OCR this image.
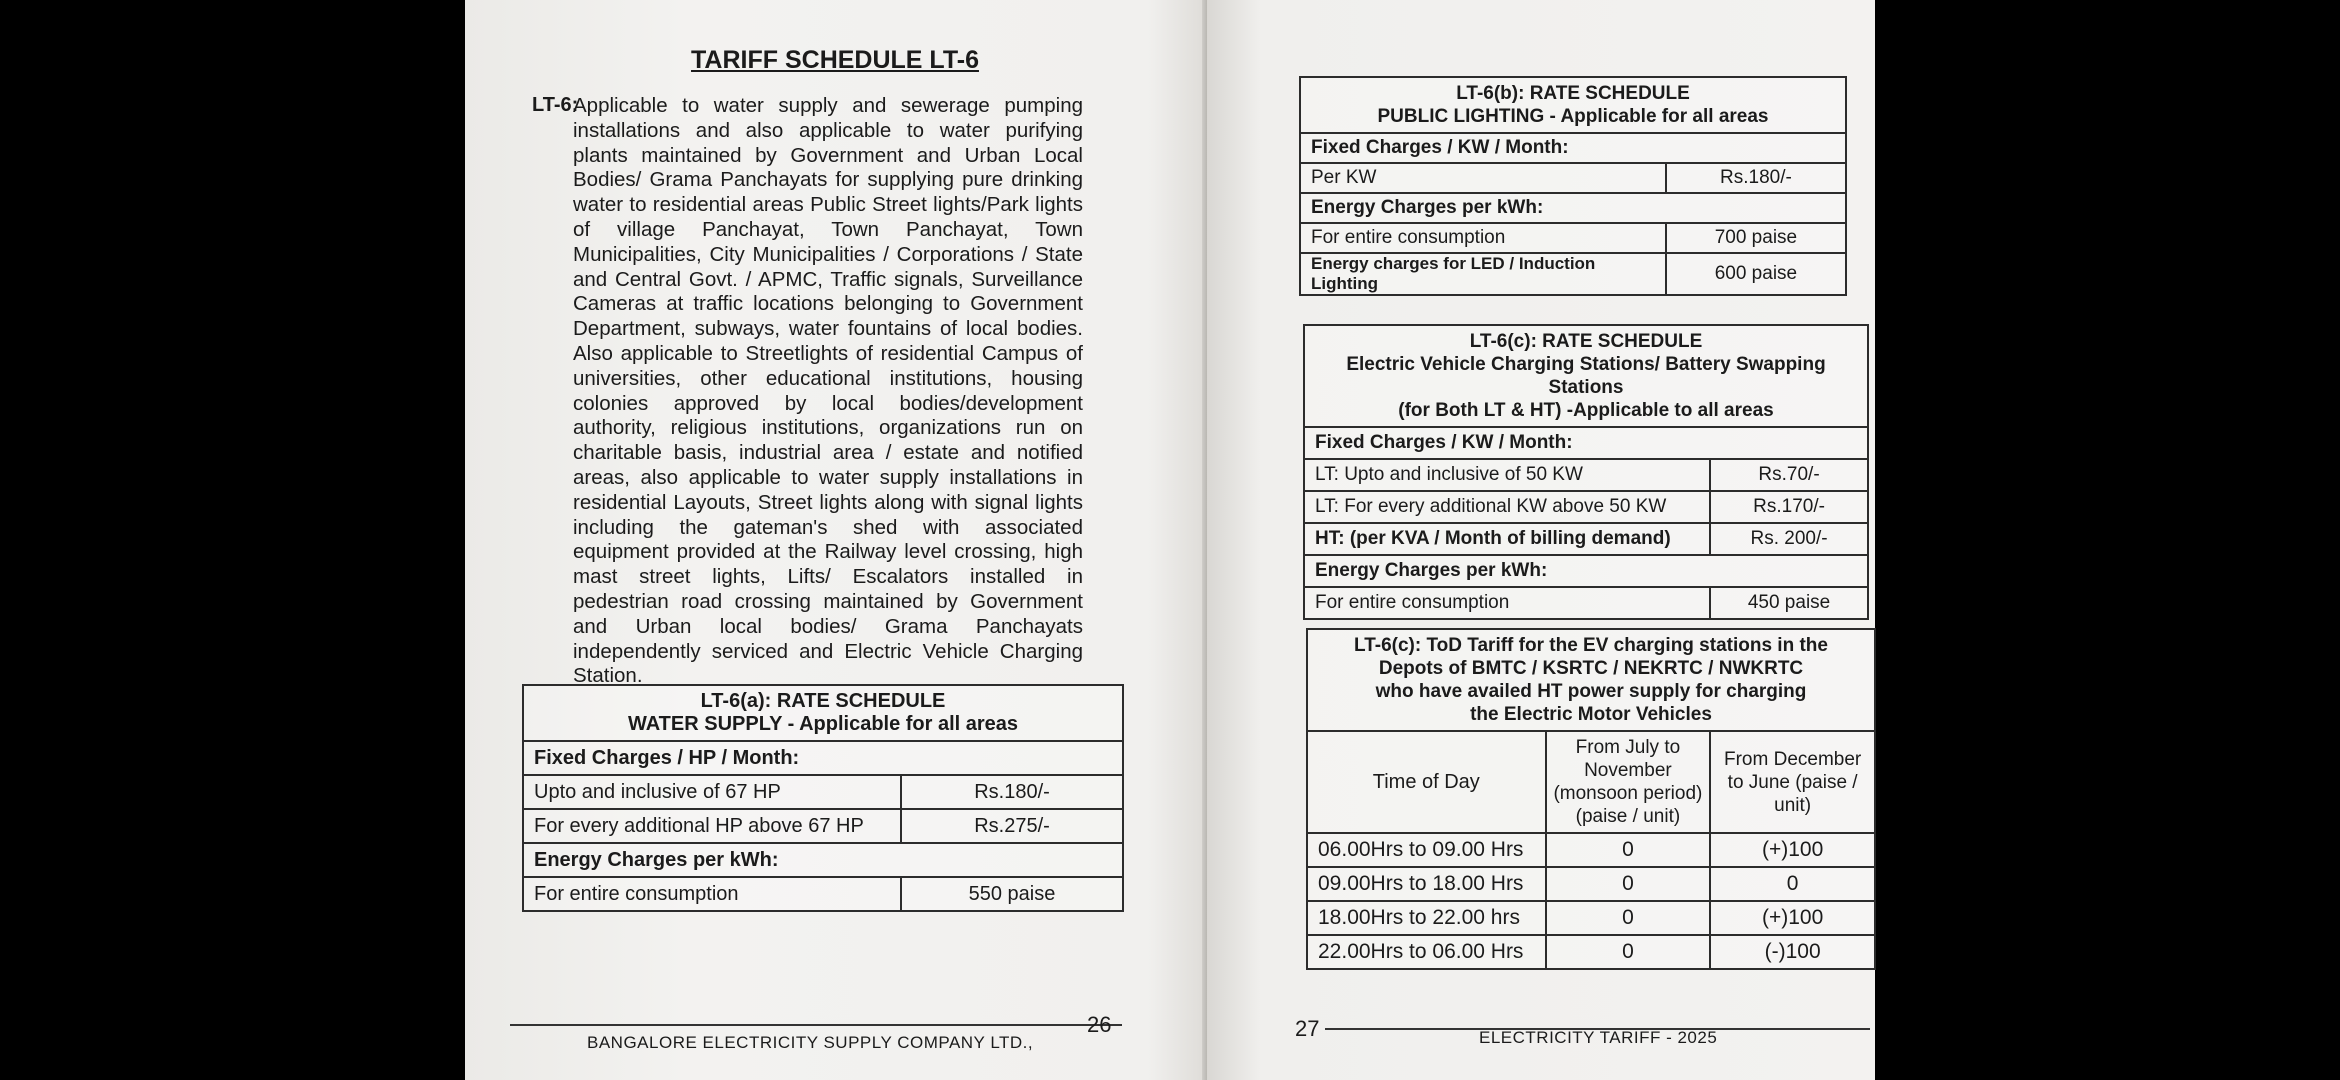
TARIFF SCHEDULE LT-6
LT-6:
Applicable to water supply and sewerage pumping installations and also applicable to water purifying plants maintained by Government and Urban Local Bodies/ Grama Panchayats for supplying pure drinking water to residential areas Public Street lights/Park lights of village Panchayat, Town Panchayat, Town Municipalities, City Municipalities / Corporations / State and Central Govt. / APMC, Traffic signals, Surveillance Cameras at traffic locations belonging to Government Department, subways, water fountains of local bodies. Also applicable to Streetlights of residential Campus of universities, other educational institutions, housing colonies approved by local bodies/development authority, religious institutions, organizations run on charitable basis, industrial area / estate and notified areas, also applicable to water supply installations in residential Layouts, Street lights along with signal lights including the gateman's shed with associated equipment provided at the Railway level crossing, high mast street lights, Lifts/ Escalators installed in pedestrian road crossing maintained by Government and Urban local bodies/ Grama Panchayats independently serviced and Electric Vehicle Charging Station.
LT-6(a): RATE SCHEDULE
WATER SUPPLY - Applicable for all areas	

Fixed Charges / HP / Month:	
Upto and inclusive of 67 HP	Rs.180/-
For every additional HP above 67 HP	Rs.275/-
Energy Charges per kWh:	
For entire consumption	550 paise
26
BANGALORE ELECTRICITY SUPPLY COMPANY LTD.,
LT-6(b): RATE SCHEDULE
PUBLIC LIGHTING - Applicable for all areas	

Fixed Charges / KW / Month:	
Per KW	Rs.180/-
Energy Charges per kWh:	
For entire consumption	700 paise
Energy charges for LED / Induction Lighting	600 paise
LT-6(c): RATE SCHEDULE
Electric Vehicle Charging Stations/ Battery Swapping Stations
(for Both LT & HT) -Applicable to all areas	

Fixed Charges / KW / Month:	
LT: Upto and inclusive of 50 KW	Rs.70/-
LT: For every additional KW above 50 KW	Rs.170/-
HT: (per KVA / Month of billing demand)	Rs. 200/-
Energy Charges per kWh:	
For entire consumption	450 paise
LT-6(c): ToD Tariff for the EV charging stations in the
Depots of BMTC / KSRTC / NEKRTC / NWKRTC
who have availed HT power supply for charging
the Electric Motor Vehicles		

Time of Day	From July to November (monsoon period) (paise / unit)	From December to June (paise / unit)
06.00Hrs to 09.00 Hrs	0	(+)100
09.00Hrs to 18.00 Hrs	0	0
18.00Hrs to 22.00 hrs	0	(+)100
22.00Hrs to 06.00 Hrs	0	(-)100
27	ELECTRICITY TARIFF - 2025
